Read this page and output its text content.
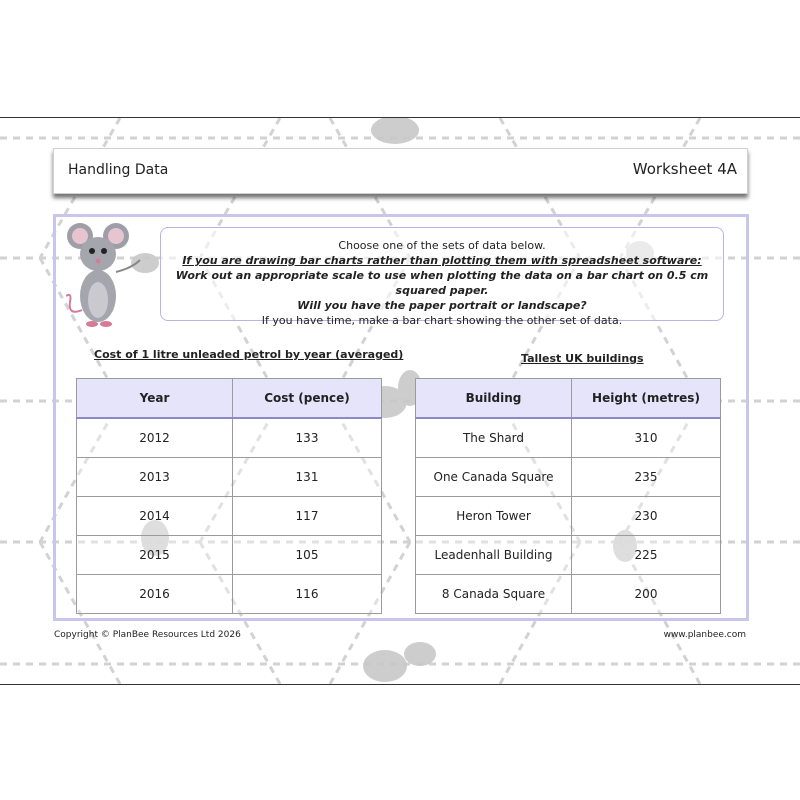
Handling Data	Worksheet 4A
Choose one of the sets of data below.
If you are drawing bar charts rather than plotting them with spreadsheet software:
Work out an appropriate scale to use when plotting the data on a bar chart on 0.5 cm squared paper.
Will you have the paper portrait or landscape?
If you have time, make a bar chart showing the other set of data.
Cost of 1 litre unleaded petrol by year (averaged)
Year	Cost (pence)
2012	133
2013	131
2014	117
2015	105
2016	116
Tallest UK buildings
Building	Height (metres)
The Shard	310
One Canada Square	235
Heron Tower	230
Leadenhall Building	225
8 Canada Square	200
Copyright © PlanBee Resources Ltd 2026	www.planbee.com
